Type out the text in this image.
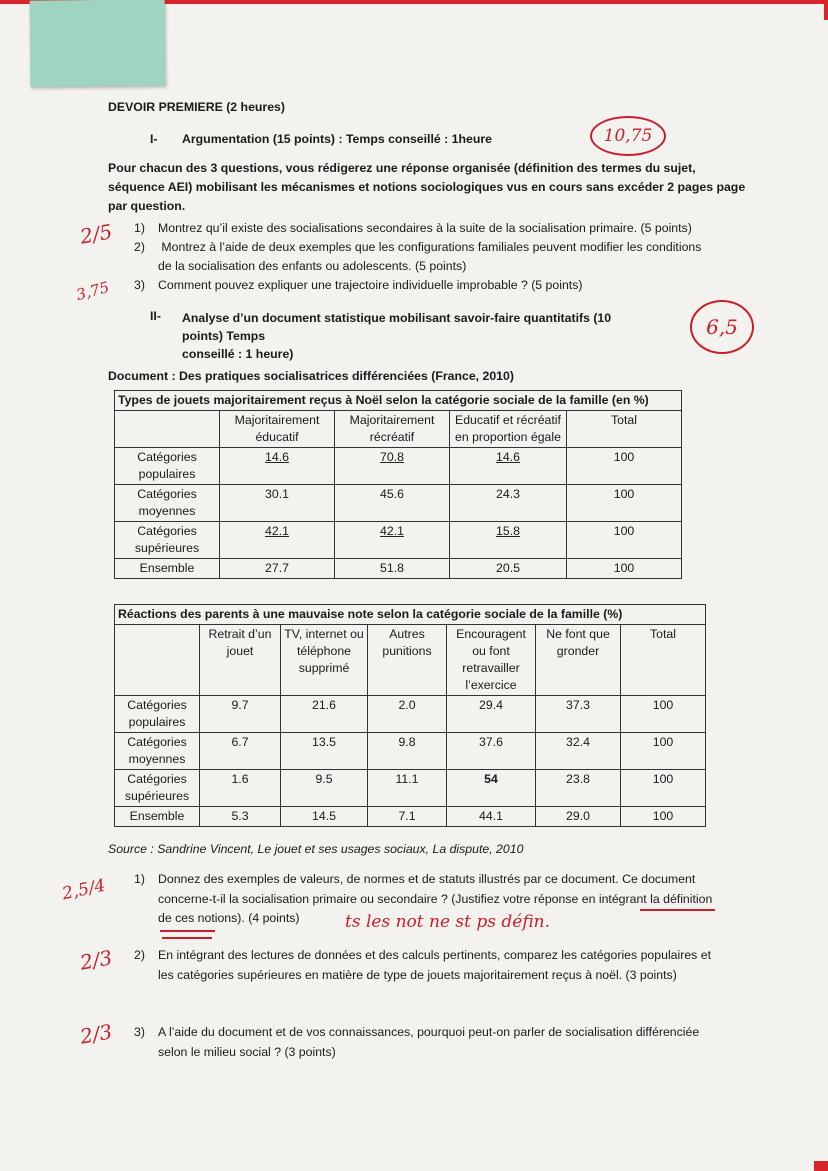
DEVOIR PREMIERE (2 heures)
I- Argumentation (15 points) : Temps conseillé : 1heure
Pour chacun des 3 questions, vous rédigerez une réponse organisée (définition des termes du sujet,
séquence AEI) mobilisant les mécanismes et notions sociologiques vus en cours sans excéder 2 pages page
par question.
1) Montrez qu’il existe des socialisations secondaires à la suite de la socialisation primaire. (5 points)
2) Montrez à l’aide de deux exemples que les configurations familiales peuvent modifier les conditions
de la socialisation des enfants ou adolescents. (5 points)
3) Comment pouvez expliquer une trajectoire individuelle improbable ? (5 points)
II- Analyse d’un document statistique mobilisant savoir-faire quantitatifs (10 points) Temps
conseillé : 1 heure)
Document : Des pratiques socialisatrices différenciées (France, 2010)
Types de jouets majoritairement reçus à Noël selon la catégorie sociale de la famille (en %)				
	Majoritairement éducatif	Majoritairement récréatif	Educatif et récréatif en proportion égale	Total
Catégories populaires	14.6	70.8	14.6	100
Catégories moyennes	30.1	45.6	24.3	100
Catégories supérieures	42.1	42.1	15.8	100
Ensemble	27.7	51.8	20.5	100
Réactions des parents à une mauvaise note selon la catégorie sociale de la famille (%)						
	Retrait d’un jouet	TV, internet ou téléphone supprimé	Autres punitions	Encouragent ou font retravailler l’exercice	Ne font que gronder	Total
Catégories populaires	9.7	21.6	2.0	29.4	37.3	100
Catégories moyennes	6.7	13.5	9.8	37.6	32.4	100
Catégories supérieures	1.6	9.5	11.1	54	23.8	100
Ensemble	5.3	14.5	7.1	44.1	29.0	100
Source : Sandrine Vincent, Le jouet et ses usages sociaux, La dispute, 2010
1) Donnez des exemples de valeurs, de normes et de statuts illustrés par ce document. Ce document
concerne-t-il la socialisation primaire ou secondaire ? (Justifiez votre réponse en intégrant la définition
de ces notions). (4 points)
2) En intégrant des lectures de données et des calculs pertinents, comparez les catégories populaires et
les catégories supérieures en matière de type de jouets majoritairement reçus à noël. (3 points)
3) A l’aide du document et de vos connaissances, pourquoi peut-on parler de socialisation différenciée
selon le milieu social ? (3 points)
10,75
6,5
2/5
3,75
2,5/4
2/3
2/3
ts les not ne st ps défin.
